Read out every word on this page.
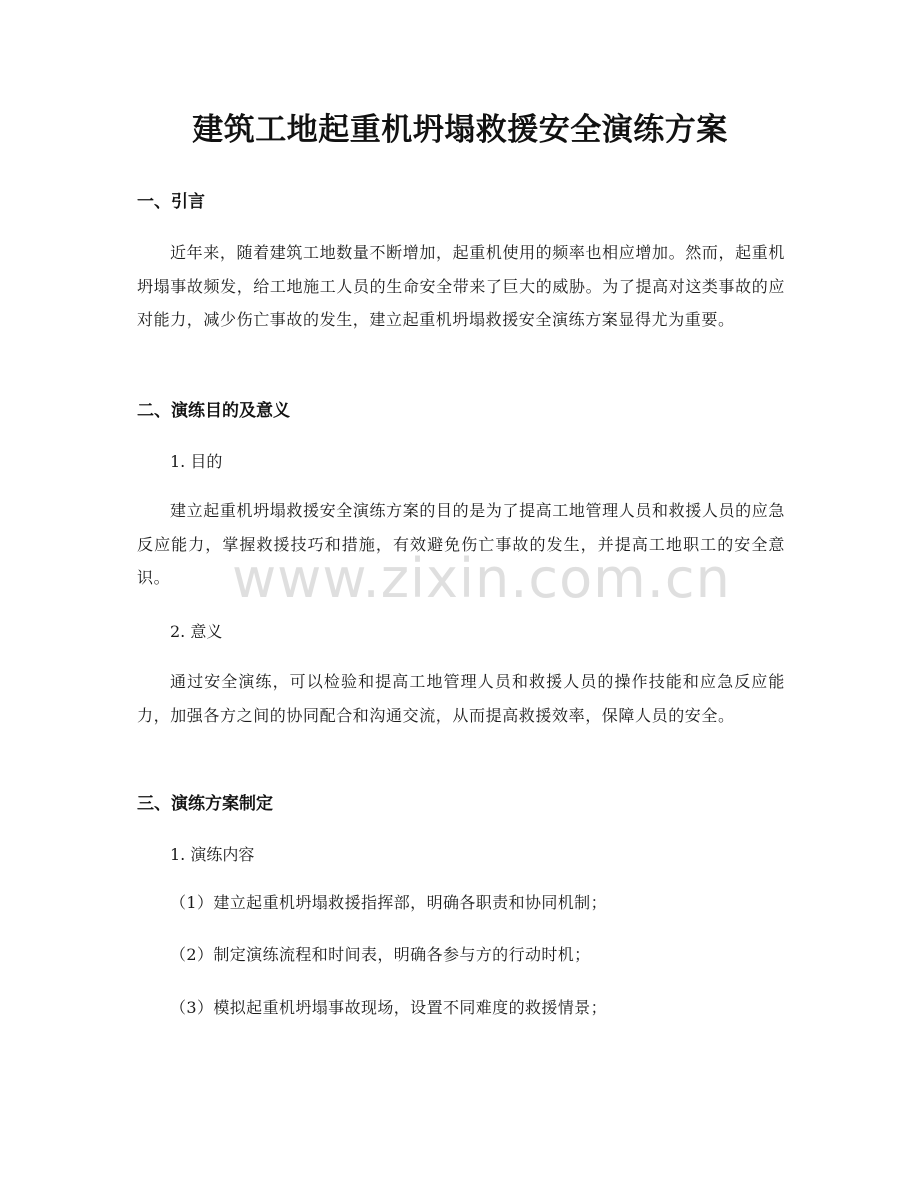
建筑工地起重机坍塌救援安全演练方案
一、引言
近年来，随着建筑工地数量不断增加，起重机使用的频率也相应增加。然而，起重机坍塌事故频发，给工地施工人员的生命安全带来了巨大的威胁。为了提高对这类事故的应对能力，减少伤亡事故的发生，建立起重机坍塌救援安全演练方案显得尤为重要。
二、演练目的及意义
1. 目的
建立起重机坍塌救援安全演练方案的目的是为了提高工地管理人员和救援人员的应急反应能力，掌握救援技巧和措施，有效避免伤亡事故的发生，并提高工地职工的安全意识。
2. 意义
通过安全演练，可以检验和提高工地管理人员和救援人员的操作技能和应急反应能力，加强各方之间的协同配合和沟通交流，从而提高救援效率，保障人员的安全。
三、演练方案制定
1. 演练内容
（1）建立起重机坍塌救援指挥部，明确各职责和协同机制；
（2）制定演练流程和时间表，明确各参与方的行动时机；
（3）模拟起重机坍塌事故现场，设置不同难度的救援情景；
www.zixin.com.cn
